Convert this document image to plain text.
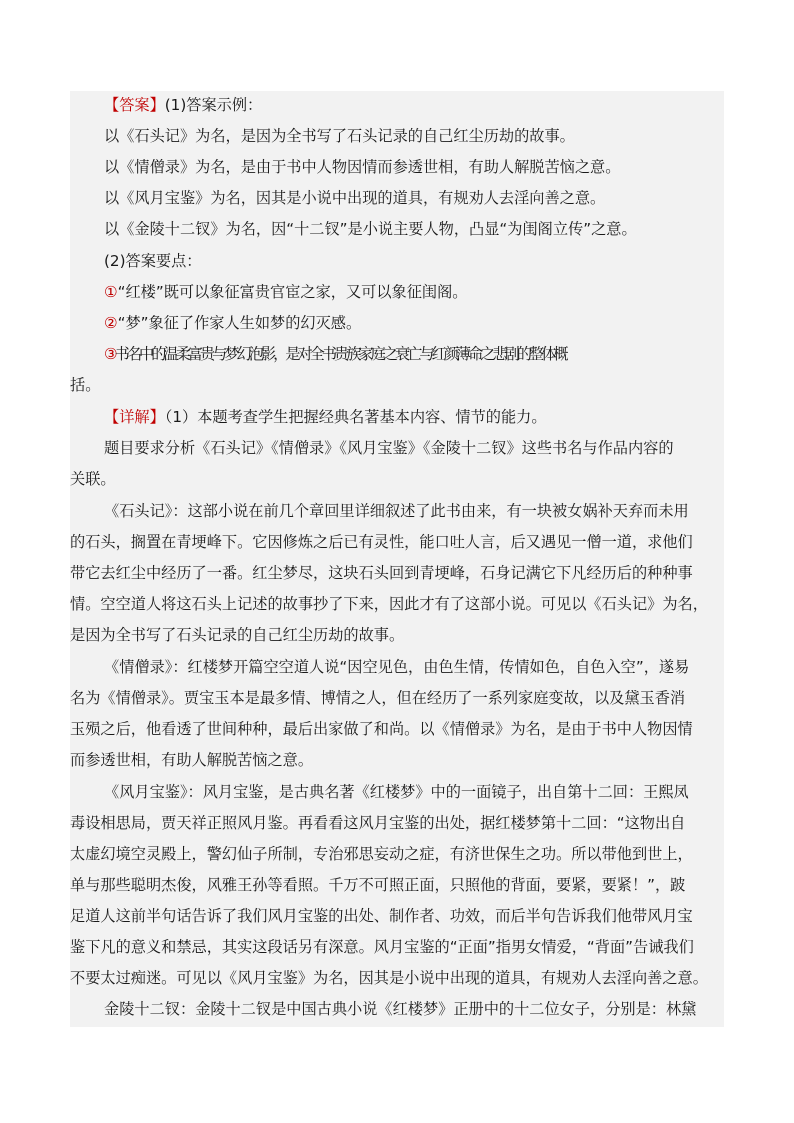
【答案】(1)答案示例：
以《石头记》为名，是因为全书写了石头记录的自己红尘历劫的故事。
以《情僧录》为名，是由于书中人物因情而参透世相，有助人解脱苦恼之意。
以《风月宝鉴》为名，因其是小说中出现的道具，有规劝人去淫向善之意。
以《金陵十二钗》为名，因“十二钗”是小说主要人物，凸显“为闺阁立传”之意。
(2)答案要点：
①“红楼”既可以象征富贵官宦之家，又可以象征闺阁。
②“梦”象征了作家人生如梦的幻灭感。
③书名中的温柔富贵与梦幻泡影，是对全书贵族家庭之衰亡与红颜薄命之悲剧的整体概
括。
【详解】（1）本题考查学生把握经典名著基本内容、情节的能力。
题目要求分析《石头记》《情僧录》《风月宝鉴》《金陵十二钗》这些书名与作品内容的
关联。
《石头记》：这部小说在前几个章回里详细叙述了此书由来，有一块被女娲补天弃而未用
的石头，搁置在青埂峰下。它因修炼之后已有灵性，能口吐人言，后又遇见一僧一道，求他们
带它去红尘中经历了一番。红尘梦尽，这块石头回到青埂峰，石身记满它下凡经历后的种种事
情。空空道人将这石头上记述的故事抄了下来，因此才有了这部小说。可见以《石头记》为名，
是因为全书写了石头记录的自己红尘历劫的故事。
《情僧录》：红楼梦开篇空空道人说“因空见色，由色生情，传情如色，自色入空”，遂易
名为《情僧录》。贾宝玉本是最多情、博情之人，但在经历了一系列家庭变故，以及黛玉香消
玉殒之后，他看透了世间种种，最后出家做了和尚。以《情僧录》为名，是由于书中人物因情
而参透世相，有助人解脱苦恼之意。
《风月宝鉴》：风月宝鉴，是古典名著《红楼梦》中的一面镜子，出自第十二回：王熙凤
毒设相思局，贾天祥正照风月鉴。再看看这风月宝鉴的出处，据红楼梦第十二回：“这物出自
太虚幻境空灵殿上，警幻仙子所制，专治邪思妄动之症，有济世保生之功。所以带他到世上，
单与那些聪明杰俊，风雅王孙等看照。千万不可照正面，只照他的背面，要紧，要紧！”，跛
足道人这前半句话告诉了我们风月宝鉴的出处、制作者、功效，而后半句告诉我们他带风月宝
鉴下凡的意义和禁忌，其实这段话另有深意。风月宝鉴的“正面”指男女情爱，“背面”告诫我们
不要太过痴迷。可见以《风月宝鉴》为名，因其是小说中出现的道具，有规劝人去淫向善之意。
金陵十二钗：金陵十二钗是中国古典小说《红楼梦》正册中的十二位女子，分别是：林黛
